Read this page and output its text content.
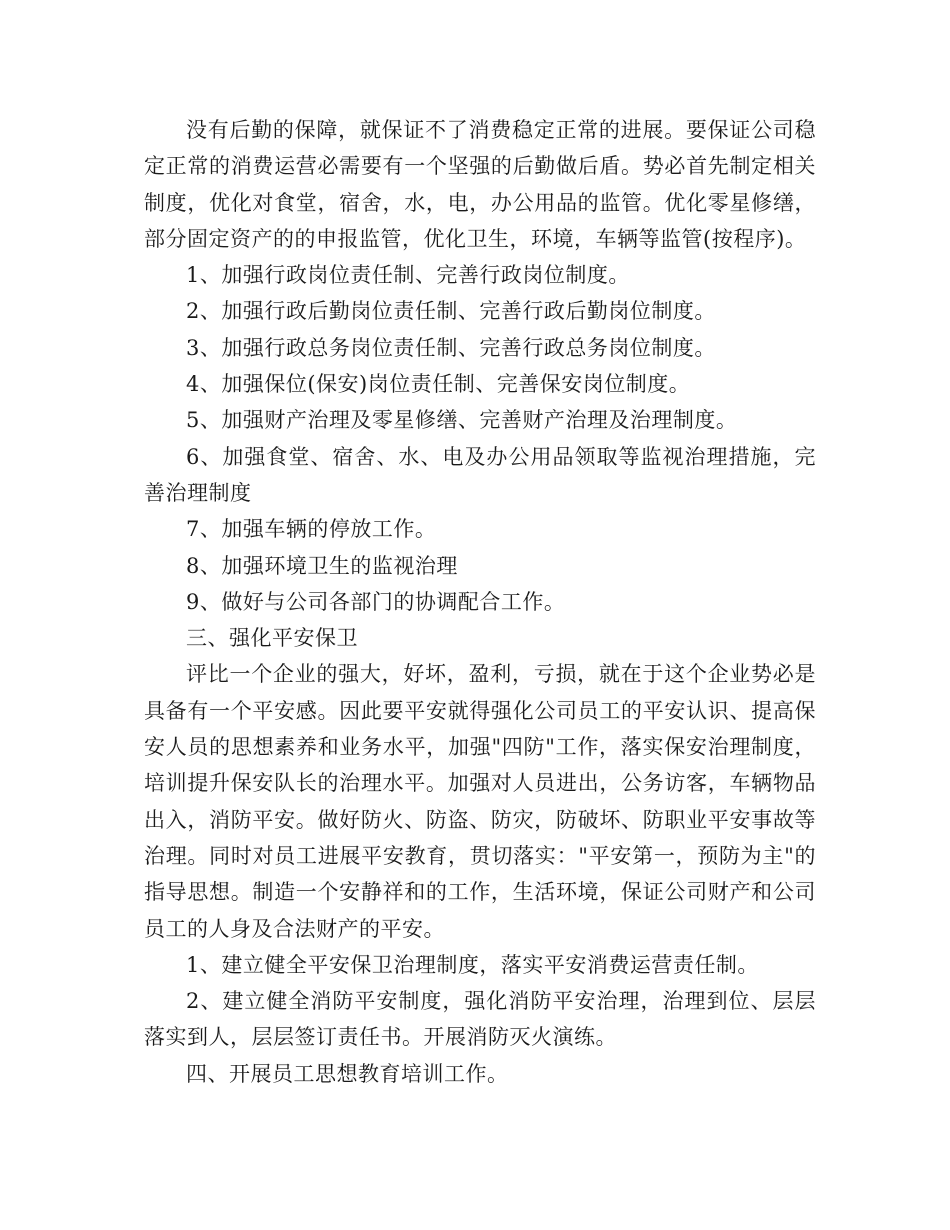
没有后勤的保障，就保证不了消费稳定正常的进展。要保证公司稳定正常的消费运营必需要有一个坚强的后勤做后盾。势必首先制定相关制度，优化对食堂，宿舍，水，电，办公用品的监管。优化零星修缮，部分固定资产的的申报监管，优化卫生，环境，车辆等监管(按程序)。

1、加强行政岗位责任制、完善行政岗位制度。

2、加强行政后勤岗位责任制、完善行政后勤岗位制度。

3、加强行政总务岗位责任制、完善行政总务岗位制度。

4、加强保位(保安)岗位责任制、完善保安岗位制度。

5、加强财产治理及零星修缮、完善财产治理及治理制度。

6、加强食堂、宿舍、水、电及办公用品领取等监视治理措施，完善治理制度

7、加强车辆的停放工作。

8、加强环境卫生的监视治理

9、做好与公司各部门的协调配合工作。

三、强化平安保卫

评比一个企业的强大，好坏，盈利，亏损，就在于这个企业势必是具备有一个平安感。因此要平安就得强化公司员工的平安认识、提高保安人员的思想素养和业务水平，加强"四防"工作，落实保安治理制度，培训提升保安队长的治理水平。加强对人员进出，公务访客，车辆物品出入，消防平安。做好防火、防盗、防灾，防破坏、防职业平安事故等治理。同时对员工进展平安教育，贯切落实："平安第一，预防为主"的指导思想。制造一个安静祥和的工作，生活环境，保证公司财产和公司员工的人身及合法财产的平安。

1、建立健全平安保卫治理制度，落实平安消费运营责任制。

2、建立健全消防平安制度，强化消防平安治理，治理到位、层层落实到人，层层签订责任书。开展消防灭火演练。

四、开展员工思想教育培训工作。
